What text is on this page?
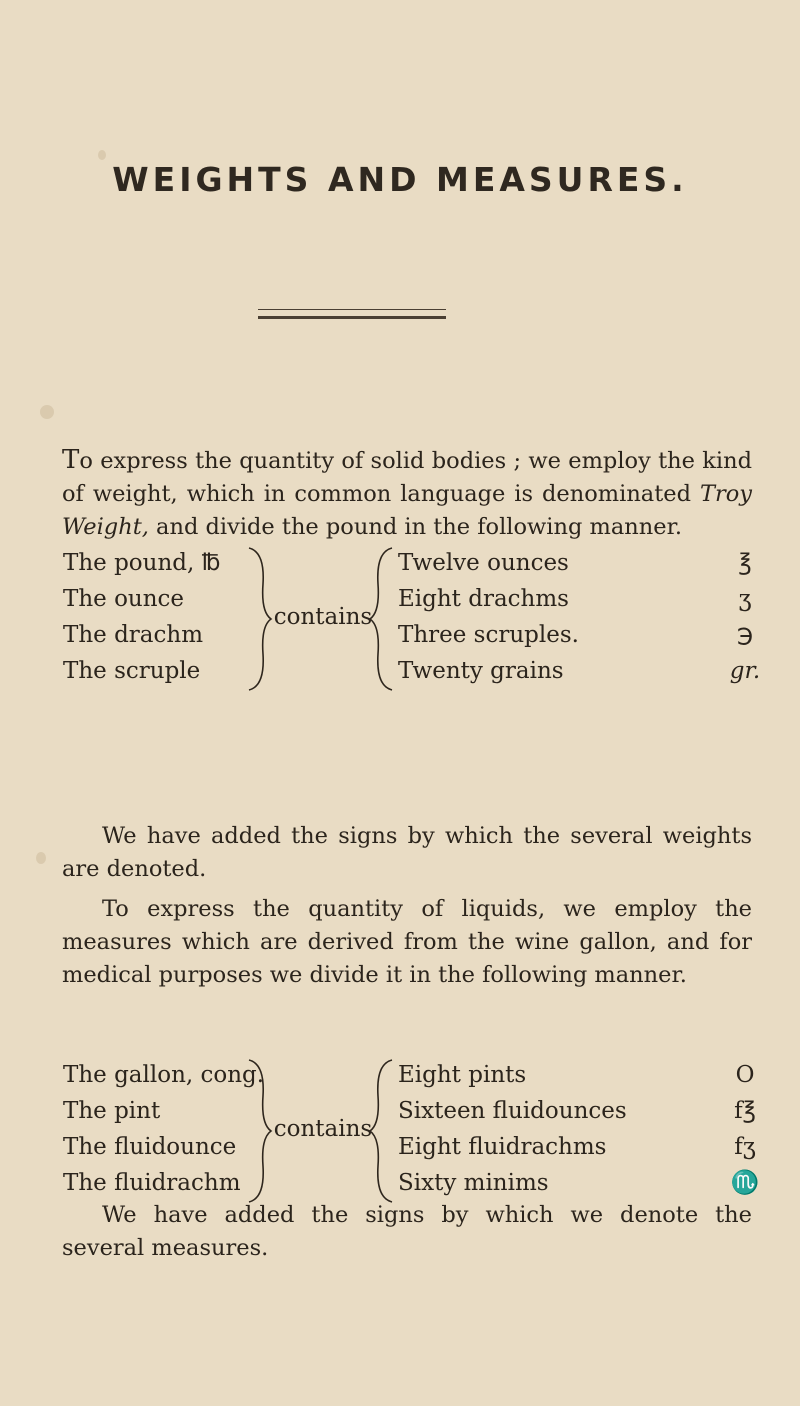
WEIGHTS AND MEASURES.
To express the quantity of solid bodies ; we employ the kind of weight, which in common language is denominated Troy Weight, and divide the pound in the following manner.
The pound, ℔
The ounce
The drachm
The scruple
contains
Twelve ounces
Eight drachms
Three scruples.
Twenty grains
℥
ʒ
℈
gr.
We have added the signs by which the several weights are denoted.
To express the quantity of liquids, we employ the measures which are derived from the wine gallon, and for medical purposes we divide it in the following manner.
The gallon, cong.
The pint
The fluidounce
The fluidrachm
contains
Eight pints
Sixteen fluidounces
Eight fluidrachms
Sixty minims
O
f℥
fʒ
♏
We have added the signs by which we denote the several measures.
